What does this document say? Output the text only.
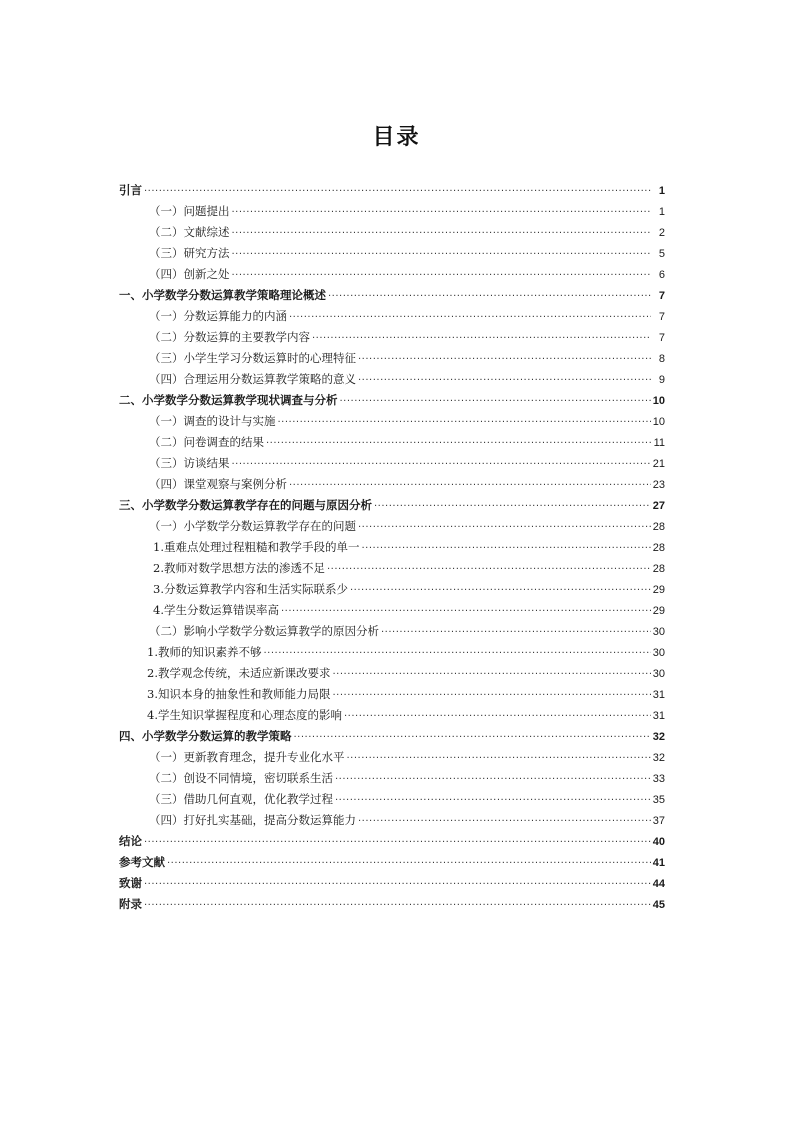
目录
引言 ·····	1
（一）问题提出 ·····	1
（二）文献综述 ·····	2
（三）研究方法 ·····	5
（四）创新之处 ·····	6
一、小学数学分数运算教学策略理论概述 ·····	7
（一）分数运算能力的内涵 ·····	7
（二）分数运算的主要教学内容 ·····	7
（三）小学生学习分数运算时的心理特征 ·····	8
（四）合理运用分数运算教学策略的意义 ·····	9
二、小学数学分数运算教学现状调查与分析 ·····	10
（一）调查的设计与实施 ·····	10
（二）问卷调查的结果 ·····	11
（三）访谈结果 ·····	21
（四）课堂观察与案例分析 ·····	23
三、小学数学分数运算教学存在的问题与原因分析 ·····	27
（一）小学数学分数运算教学存在的问题 ·····	28
1.重难点处理过程粗糙和教学手段的单一 ·····	28
2.教师对数学思想方法的渗透不足 ·····	28
3.分数运算教学内容和生活实际联系少 ·····	29
4.学生分数运算错误率高 ·····	29
（二）影响小学数学分数运算教学的原因分析 ·····	30
1.教师的知识素养不够 ·····	30
2.教学观念传统，未适应新课改要求 ·····	30
3.知识本身的抽象性和教师能力局限 ·····	31
4.学生知识掌握程度和心理态度的影响 ·····	31
四、小学数学分数运算的教学策略 ·····	32
（一）更新教育理念，提升专业化水平 ·····	32
（二）创设不同情境，密切联系生活 ·····	33
（三）借助几何直观，优化教学过程 ·····	35
（四）打好扎实基础，提高分数运算能力 ·····	37
结论 ·····	40
参考文献 ·····	41
致谢 ·····	44
附录 ·····	45
